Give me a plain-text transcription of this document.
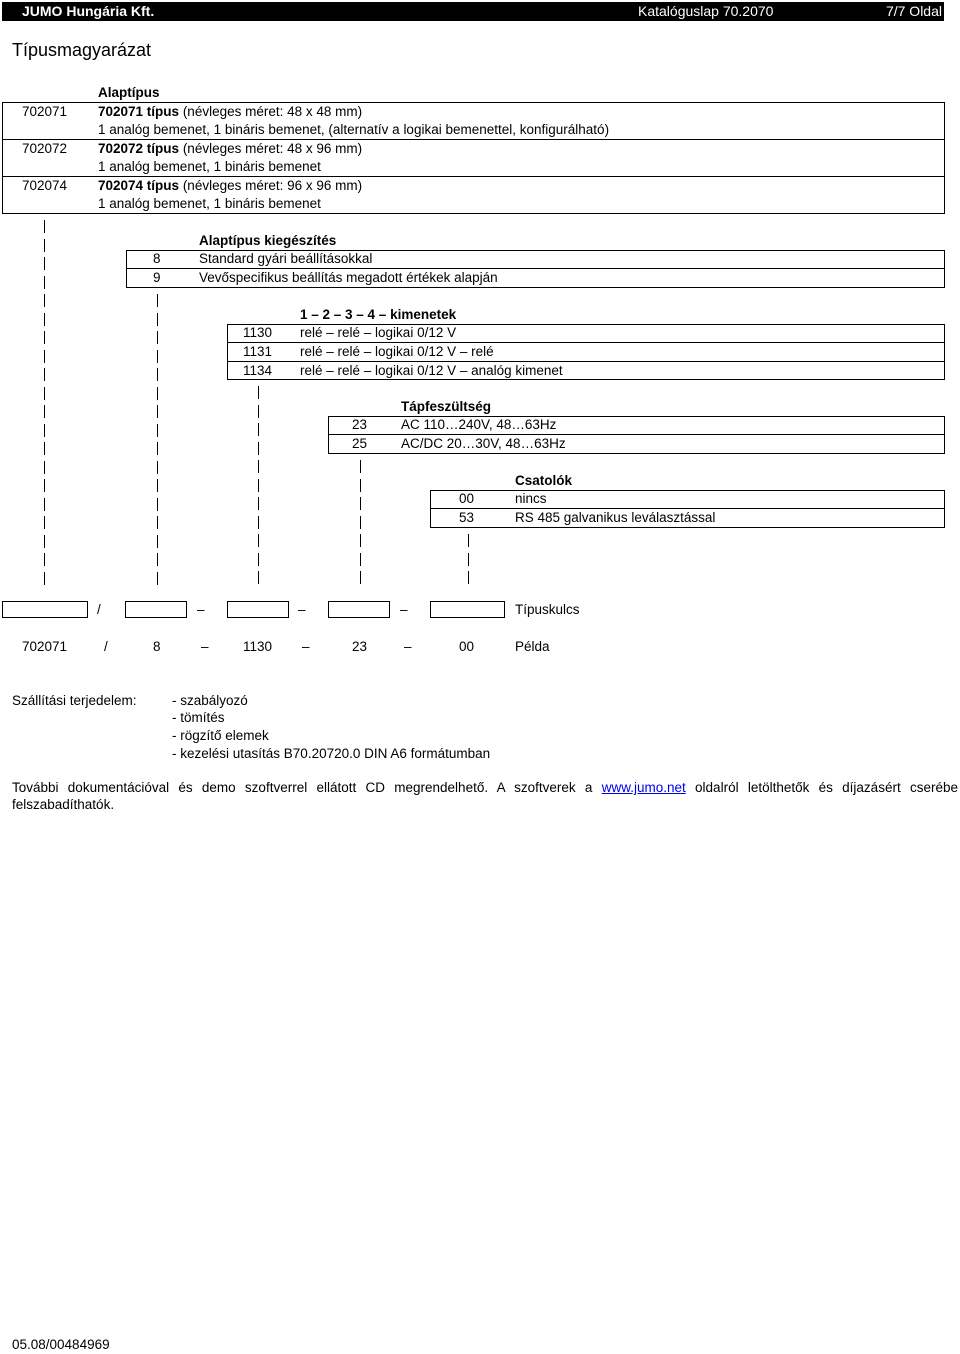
JUMO Hungária Kft.	Katalóguslap 70.2070	7/7 Oldal
Típusmagyarázat
Alaptípus
702071 702071 típus (névleges méret: 48 x 48 mm)
1 analóg bemenet, 1 bináris bemenet, (alternatív a logikai bemenettel, konfigurálható)
702072 702072 típus (névleges méret: 48 x 96 mm)
1 analóg bemenet, 1 bináris bemenet
702074 702074 típus (névleges méret: 96 x 96 mm)
1 analóg bemenet, 1 bináris bemenet
Alaptípus kiegészítés
8	Standard gyári beállításokkal
9	Vevőspecifikus beállítás megadott értékek alapján
1 – 2 – 3 – 4 – kimenetek
1130 relé – relé – logikai 0/12 V
1131 relé – relé – logikai 0/12 V – relé
1134 relé – relé – logikai 0/12 V – analóg kimenet
Tápfeszültség
23	AC 110…240V, 48…63Hz
25	AC/DC 20…30V, 48…63Hz
Csatolók
00	nincs
53	RS 485 galvanikus leválasztással
/	–	–	–	Típuskulcs
702071	/	8	–	1130 –	23	–	00	Példa
Szállítási terjedelem:	- szabályozó
- tömítés
- rögzítő elemek
- kezelési utasítás B70.20720.0 DIN A6 formátumban
További dokumentációval és demo szoftverrel ellátott CD megrendelhető. A szoftverek a www.jumo.net oldalról letölthetők és díjazásért cserébe
felszabadíthatók.
05.08/00484969
